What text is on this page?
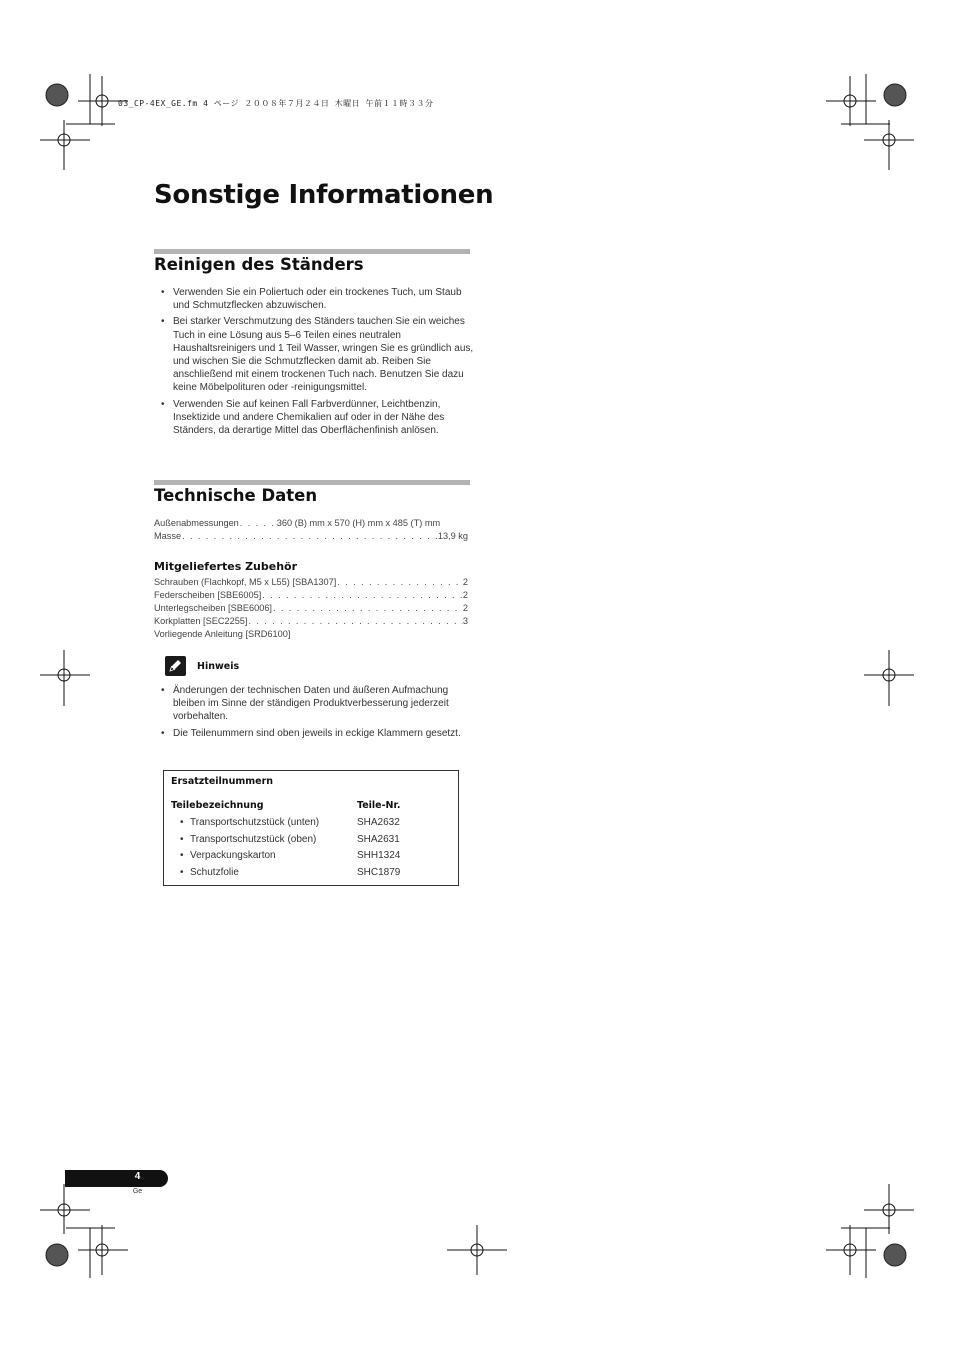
03_CP-4EX_GE.fm 4 ページ ２００８年７月２４日 木曜日 午前１１時３３分
Sonstige Informationen
Reinigen des Ständers
• Verwenden Sie ein Poliertuch oder ein trockenes Tuch, um Staub und Schmutzflecken abzuwischen.
• Bei starker Verschmutzung des Ständers tauchen Sie ein weiches Tuch in eine Lösung aus 5–6 Teilen eines neutralen Haushaltsreinigers und 1 Teil Wasser, wringen Sie es gründlich aus, und wischen Sie die Schmutzflecken damit ab. Reiben Sie anschließend mit einem trockenen Tuch nach. Benutzen Sie dazu keine Möbelpolituren oder -reinigungsmittel.
• Verwenden Sie auf keinen Fall Farbverdünner, Leichtbenzin, Insektizide und andere Chemikalien auf oder in der Nähe des Ständers, da derartige Mittel das Oberflächenfinish anlösen.
Technische Daten
Außenabmessungen . . .	360 (B) mm x 570 (H) mm x 485 (T) mm
Masse . . .	13,9 kg
Mitgeliefertes Zubehör
Schrauben (Flachkopf, M5 x L55) [SBA1307] . . .	2
Federscheiben [SBE6005] . . .	2
Unterlegscheiben [SBE6006] . . .	2
Korkplatten [SEC2255] . . .	3
Vorliegende Anleitung [SRD6100]
Hinweis
• Änderungen der technischen Daten und äußeren Aufmachung bleiben im Sinne der ständigen Produktverbesserung jederzeit vorbehalten.
• Die Teilenummern sind oben jeweils in eckige Klammern gesetzt.
Ersatzteilnummern
Teilebezeichnung	Teile-Nr.
• Transportschutzstück (unten)	SHA2632
• Transportschutzstück (oben)	SHA2631
• Verpackungskarton	SHH1324
• Schutzfolie	SHC1879
4
Ge
